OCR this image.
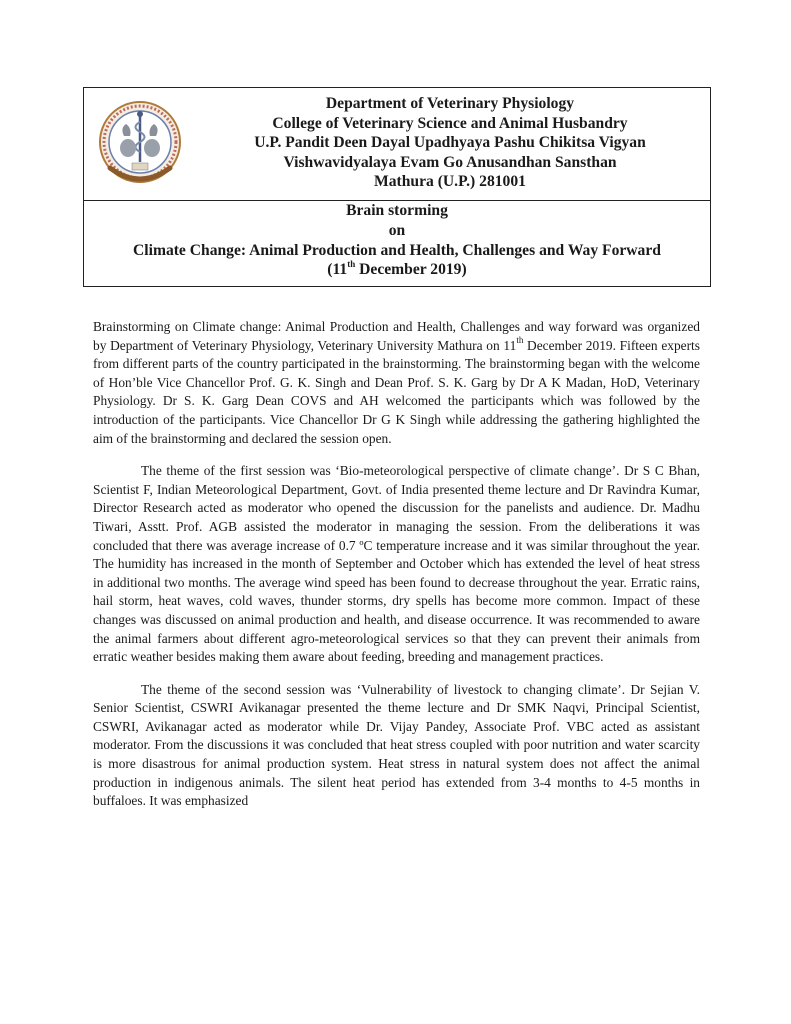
Department of Veterinary Physiology
College of Veterinary Science and Animal Husbandry
U.P. Pandit Deen Dayal Upadhyaya Pashu Chikitsa Vigyan
Vishwavidyalaya Evam Go Anusandhan Sansthan
Mathura (U.P.) 281001
Brain storming
on
Climate Change: Animal Production and Health, Challenges and Way Forward
(11th December 2019)

Brainstorming on Climate change: Animal Production and Health, Challenges and way forward was organized by Department of Veterinary Physiology, Veterinary University Mathura on 11th December 2019. Fifteen experts from different parts of the country participated in the brainstorming. The brainstorming began with the welcome of Hon’ble Vice Chancellor Prof. G. K. Singh and Dean Prof. S. K. Garg by Dr A K Madan, HoD, Veterinary Physiology. Dr S. K. Garg Dean COVS and AH welcomed the participants which was followed by the introduction of the participants. Vice Chancellor Dr G K Singh while addressing the gathering highlighted the aim of the brainstorming and declared the session open.

The theme of the first session was ‘Bio-meteorological perspective of climate change’. Dr S C Bhan, Scientist F, Indian Meteorological Department, Govt. of India presented theme lecture and Dr Ravindra Kumar, Director Research acted as moderator who opened the discussion for the panelists and audience. Dr. Madhu Tiwari, Asstt. Prof. AGB assisted the moderator in managing the session. From the deliberations it was concluded that there was average increase of 0.7 ºC temperature increase and it was similar throughout the year. The humidity has increased in the month of September and October which has extended the level of heat stress in additional two months. The average wind speed has been found to decrease throughout the year. Erratic rains, hail storm, heat waves, cold waves, thunder storms, dry spells has become more common. Impact of these changes was discussed on animal production and health, and disease occurrence. It was recommended to aware the animal farmers about different agro-meteorological services so that they can prevent their animals from erratic weather besides making them aware about feeding, breeding and management practices.

The theme of the second session was ‘Vulnerability of livestock to changing climate’. Dr Sejian V. Senior Scientist, CSWRI Avikanagar presented the theme lecture and Dr SMK Naqvi, Principal Scientist, CSWRI, Avikanagar acted as moderator while Dr. Vijay Pandey, Associate Prof. VBC acted as assistant moderator. From the discussions it was concluded that heat stress coupled with poor nutrition and water scarcity is more disastrous for animal production system. Heat stress in natural system does not affect the animal production in indigenous animals. The silent heat period has extended from 3-4 months to 4-5 months in buffaloes. It was emphasized
